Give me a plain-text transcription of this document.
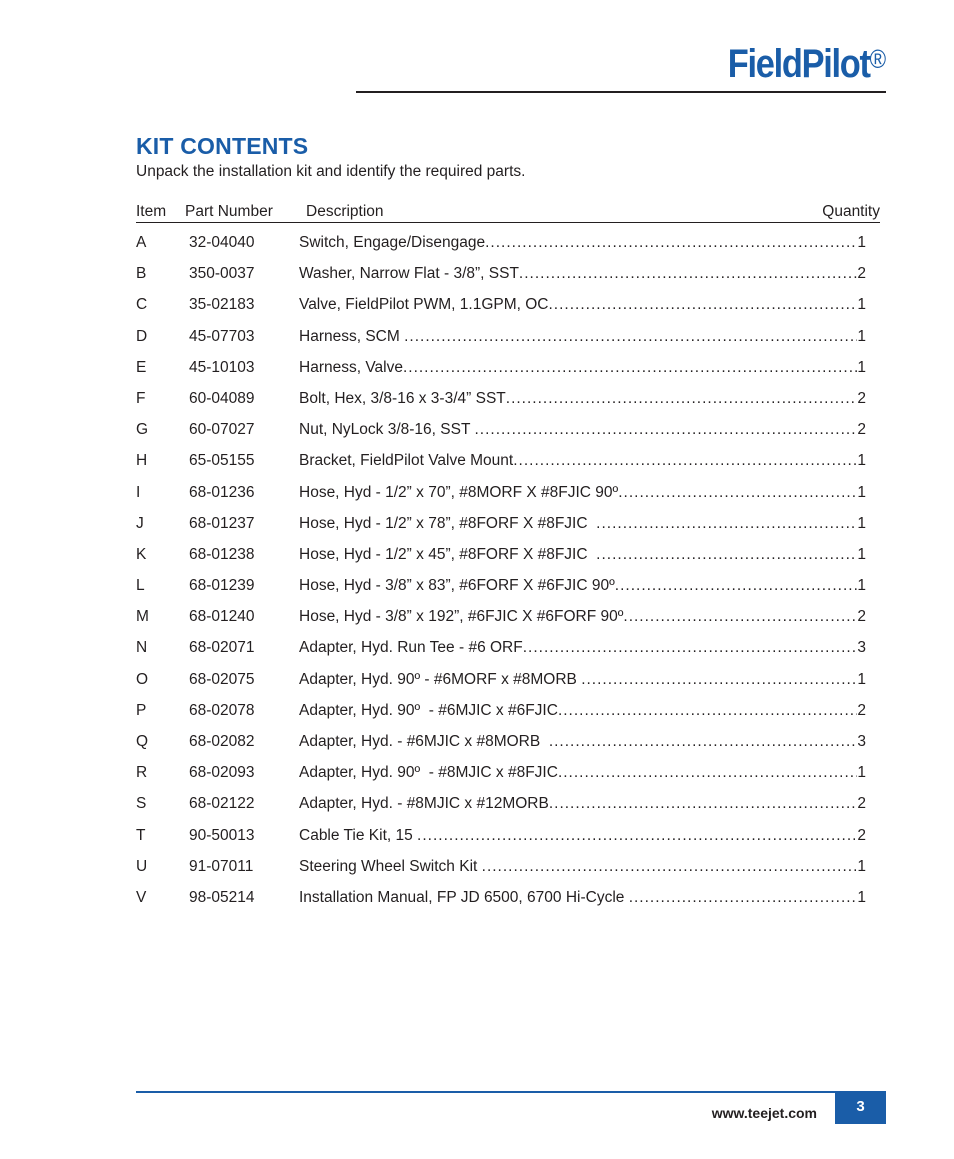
FieldPilot®
KIT CONTENTS
Unpack the installation kit and identify the required parts.
Item Part Number Description	Quantity
A	32-04040	Switch, Engage/Disengage .....	1
B	350-0037	Washer, Narrow Flat - 3/8”, SST .....	2
C	35-02183	Valve, FieldPilot PWM, 1.1GPM, OC .....	1
D	45-07703	Harness, SCM .....	1
E	45-10103	Harness, Valve .....	1
F	60-04089	Bolt, Hex, 3/8-16 x 3-3/4” SST .....	2
G	60-07027	Nut, NyLock 3/8-16, SST .....	2
H	65-05155	Bracket, FieldPilot Valve Mount .....	1
I	68-01236	Hose, Hyd - 1/2” x 70”, #8MORF X #8FJIC 90º .....	1
J	68-01237	Hose, Hyd - 1/2” x 78”, #8FORF X #8FJIC .....	1
K	68-01238	Hose, Hyd - 1/2” x 45”, #8FORF X #8FJIC .....	1
L	68-01239	Hose, Hyd - 3/8” x 83”, #6FORF X #6FJIC 90º .....	1
M	68-01240	Hose, Hyd - 3/8” x 192”, #6FJIC X #6FORF 90º .....	2
N	68-02071	Adapter, Hyd. Run Tee - #6 ORF .....	3
O	68-02075	Adapter, Hyd. 90º - #6MORF x #8MORB .....	1
P	68-02078	Adapter, Hyd. 90º  - #6MJIC x #6FJIC .....	2
Q	68-02082	Adapter, Hyd. - #6MJIC x #8MORB .....	3
R	68-02093	Adapter, Hyd. 90º  - #8MJIC x #8FJIC .....	1
S	68-02122	Adapter, Hyd. - #8MJIC x #12MORB .....	2
T	90-50013	Cable Tie Kit, 15 .....	2
U	91-07011	Steering Wheel Switch Kit .....	1
V	98-05214	Installation Manual, FP JD 6500, 6700 Hi-Cycle .....	1
www.teejet.com	3
